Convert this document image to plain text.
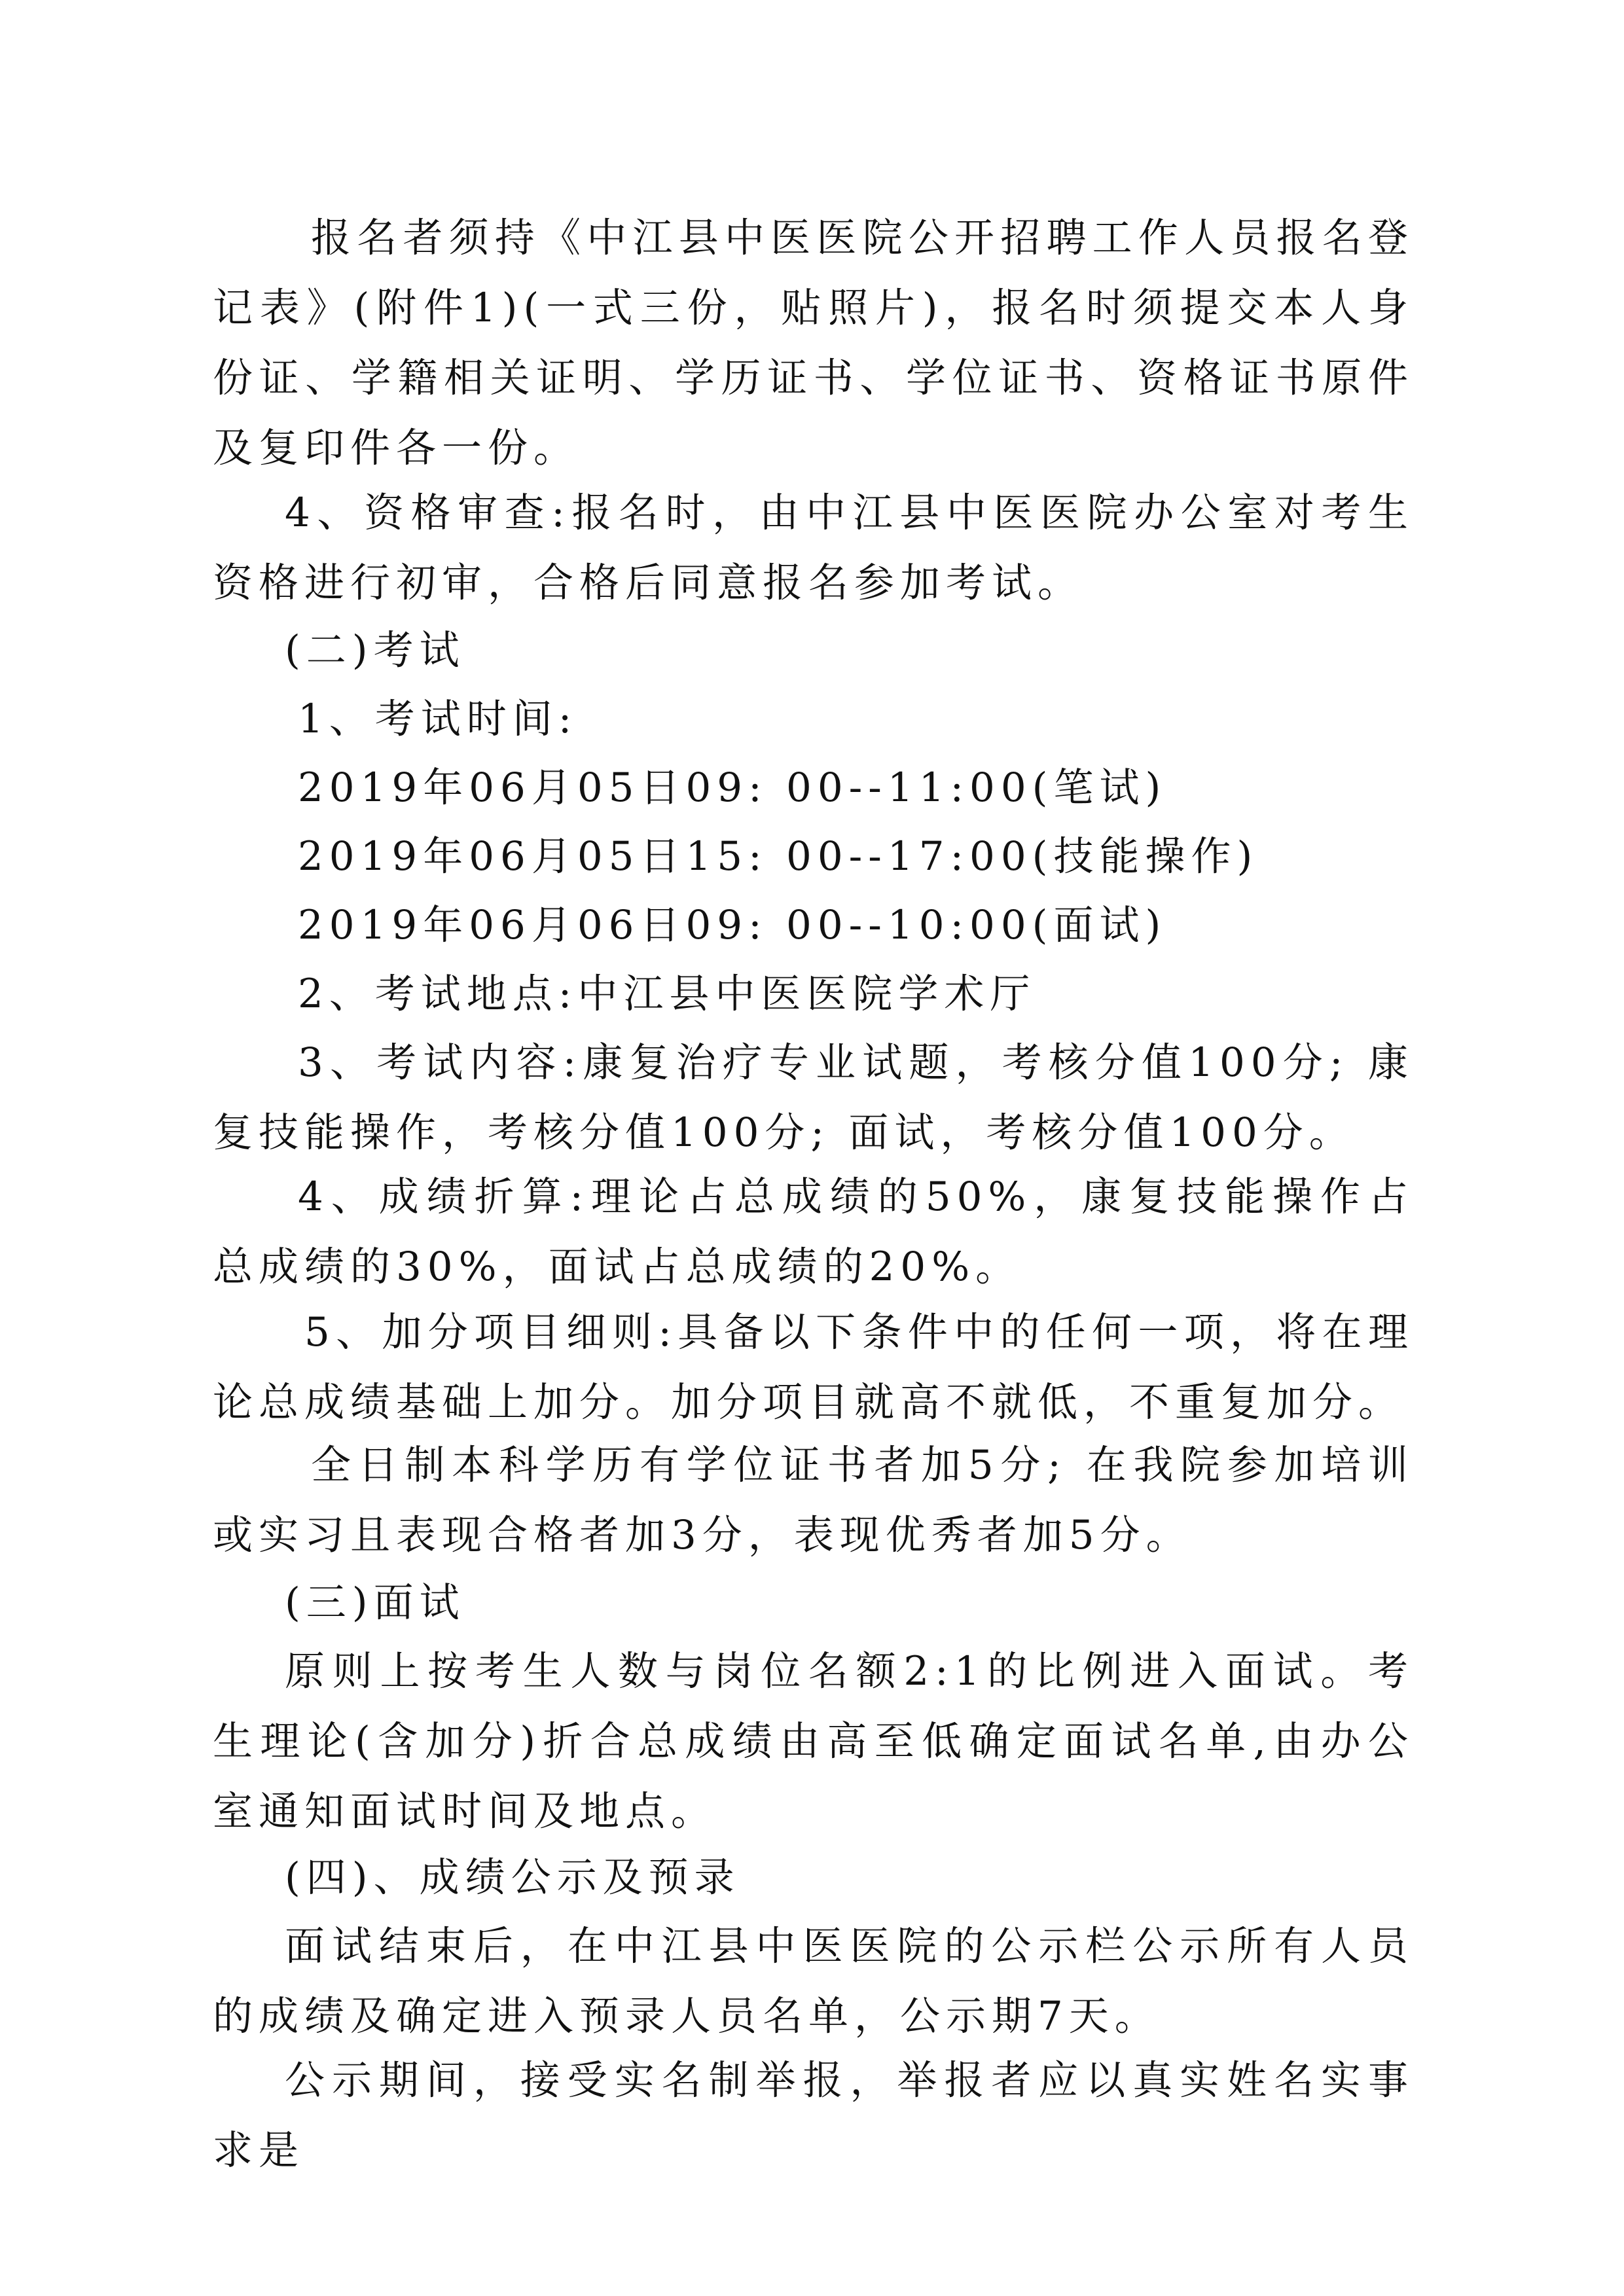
报名者须持《中江县中医医院公开招聘工作人员报名登记表》(附件1)(一式三份，贴照片)，报名时须提交本人身份证、学籍相关证明、学历证书、学位证书、资格证书原件及复印件各一份。

4、资格审查:报名时，由中江县中医医院办公室对考生资格进行初审，合格后同意报名参加考试。

(二)考试

1、考试时间:

2019年06月05日09: 00--11:00(笔试)

2019年06月05日15: 00--17:00(技能操作)

2019年06月06日09: 00--10:00(面试)

2、考试地点:中江县中医医院学术厅

3、考试内容:康复治疗专业试题，考核分值100分; 康复技能操作，考核分值100分; 面试，考核分值100分。

4、成绩折算:理论占总成绩的50%，康复技能操作占总成绩的30%，面试占总成绩的20%。

5、加分项目细则:具备以下条件中的任何一项，将在理论总成绩基础上加分。加分项目就高不就低，不重复加分。

全日制本科学历有学位证书者加5分; 在我院参加培训或实习且表现合格者加3分，表现优秀者加5分。

(三)面试

原则上按考生人数与岗位名额2:1的比例进入面试。考生理论(含加分)折合总成绩由高至低确定面试名单,由办公室通知面试时间及地点。

(四)、成绩公示及预录

面试结束后，在中江县中医医院的公示栏公示所有人员的成绩及确定进入预录人员名单，公示期7天。

公示期间，接受实名制举报，举报者应以真实姓名实事求是
